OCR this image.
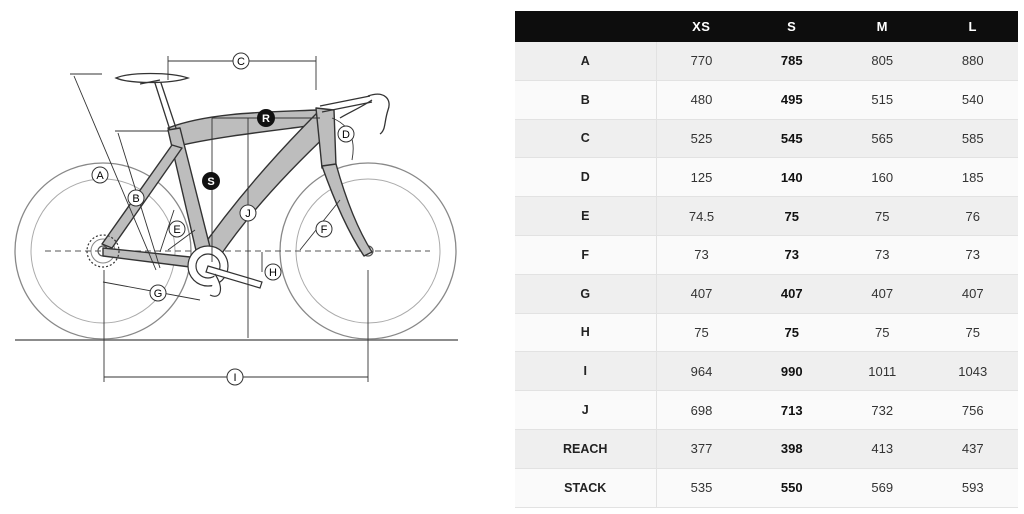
A
B
C
D
E	F
G
H
I
J
R
S
	XS	S	M	L
A	770	785	805	880
B	480	495	515	540
C	525	545	565	585
D	125	140	160	185
E	74.5	75	75	76
F	73	73	73	73
G	407	407	407	407
H	75	75	75	75
I	964	990	1011	1043
J	698	713	732	756
REACH	377	398	413	437
STACK	535	550	569	593
